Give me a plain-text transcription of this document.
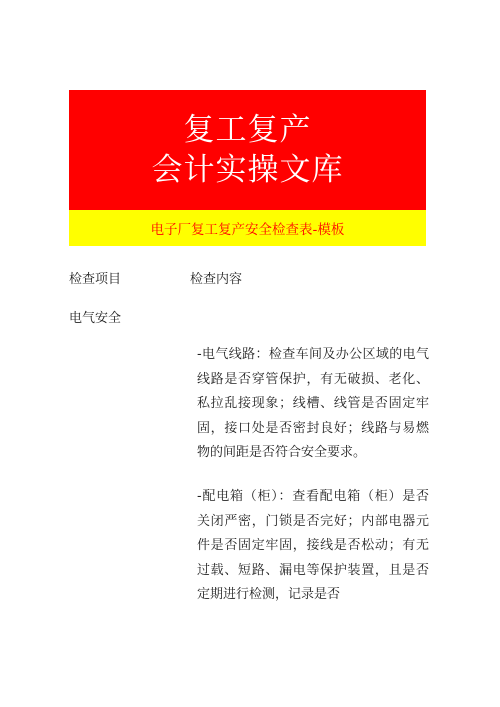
复工复产
会计实操文库
电子厂复工复产安全检查表-模板
检查项目	检查内容
电气安全
-电气线路：检查车间及办公区域的电气线路是否穿管保护，有无破损、老化、私拉乱接现象；线槽、线管是否固定牢固，接口处是否密封良好；线路与易燃物的间距是否符合安全要求。
-配电箱（柜）：查看配电箱（柜）是否关闭严密，门锁是否完好；内部电器元件是否固定牢固，接线是否松动；有无过载、短路、漏电等保护装置，且是否定期进行检测，记录是否
